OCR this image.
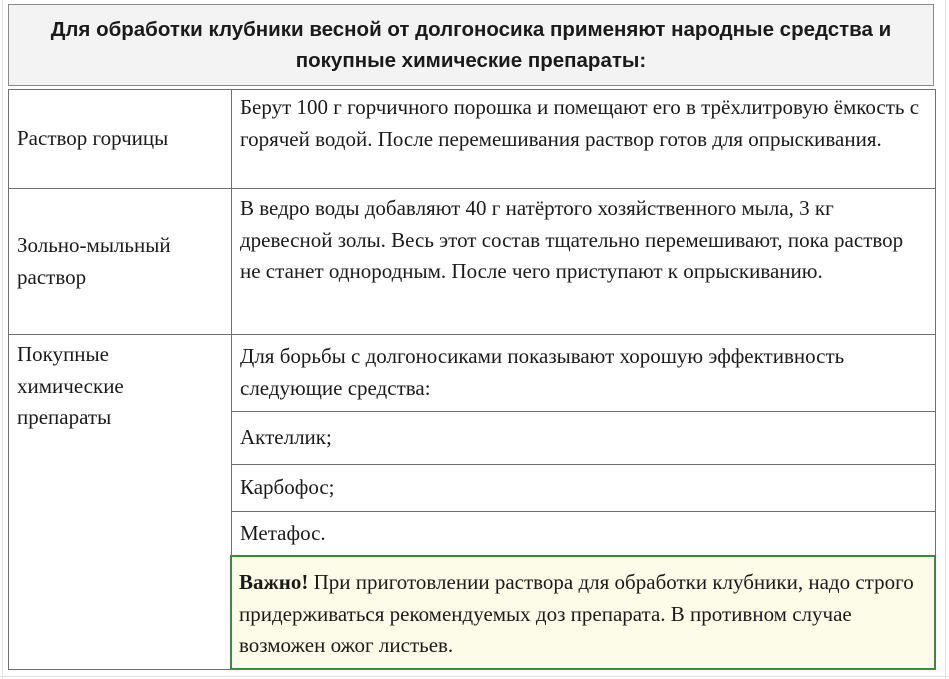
Для обработки клубники весной от долгоносика применяют народные средства и
покупные химические препараты:
Раствор горчицы
Берут 100 г горчичного порошка и помещают его в трёхлитровую ёмкость с горячей водой. После перемешивания раствор готов для опрыскивания.
Зольно-мыльный
раствор
В ведро воды добавляют 40 г натёртого хозяйственного мыла, 3 кг древесной золы. Весь этот состав тщательно перемешивают, пока раствор не станет однородным. После чего приступают к опрыскиванию.
Покупные
химические
препараты
Для борьбы с долгоносиками показывают хорошую эффективность следующие средства:
Актеллик;
Карбофос;
Метафос.
Важно! При приготовлении раствора для обработки клубники, надо строго придерживаться рекомендуемых доз препарата. В противном случае возможен ожог листьев.
